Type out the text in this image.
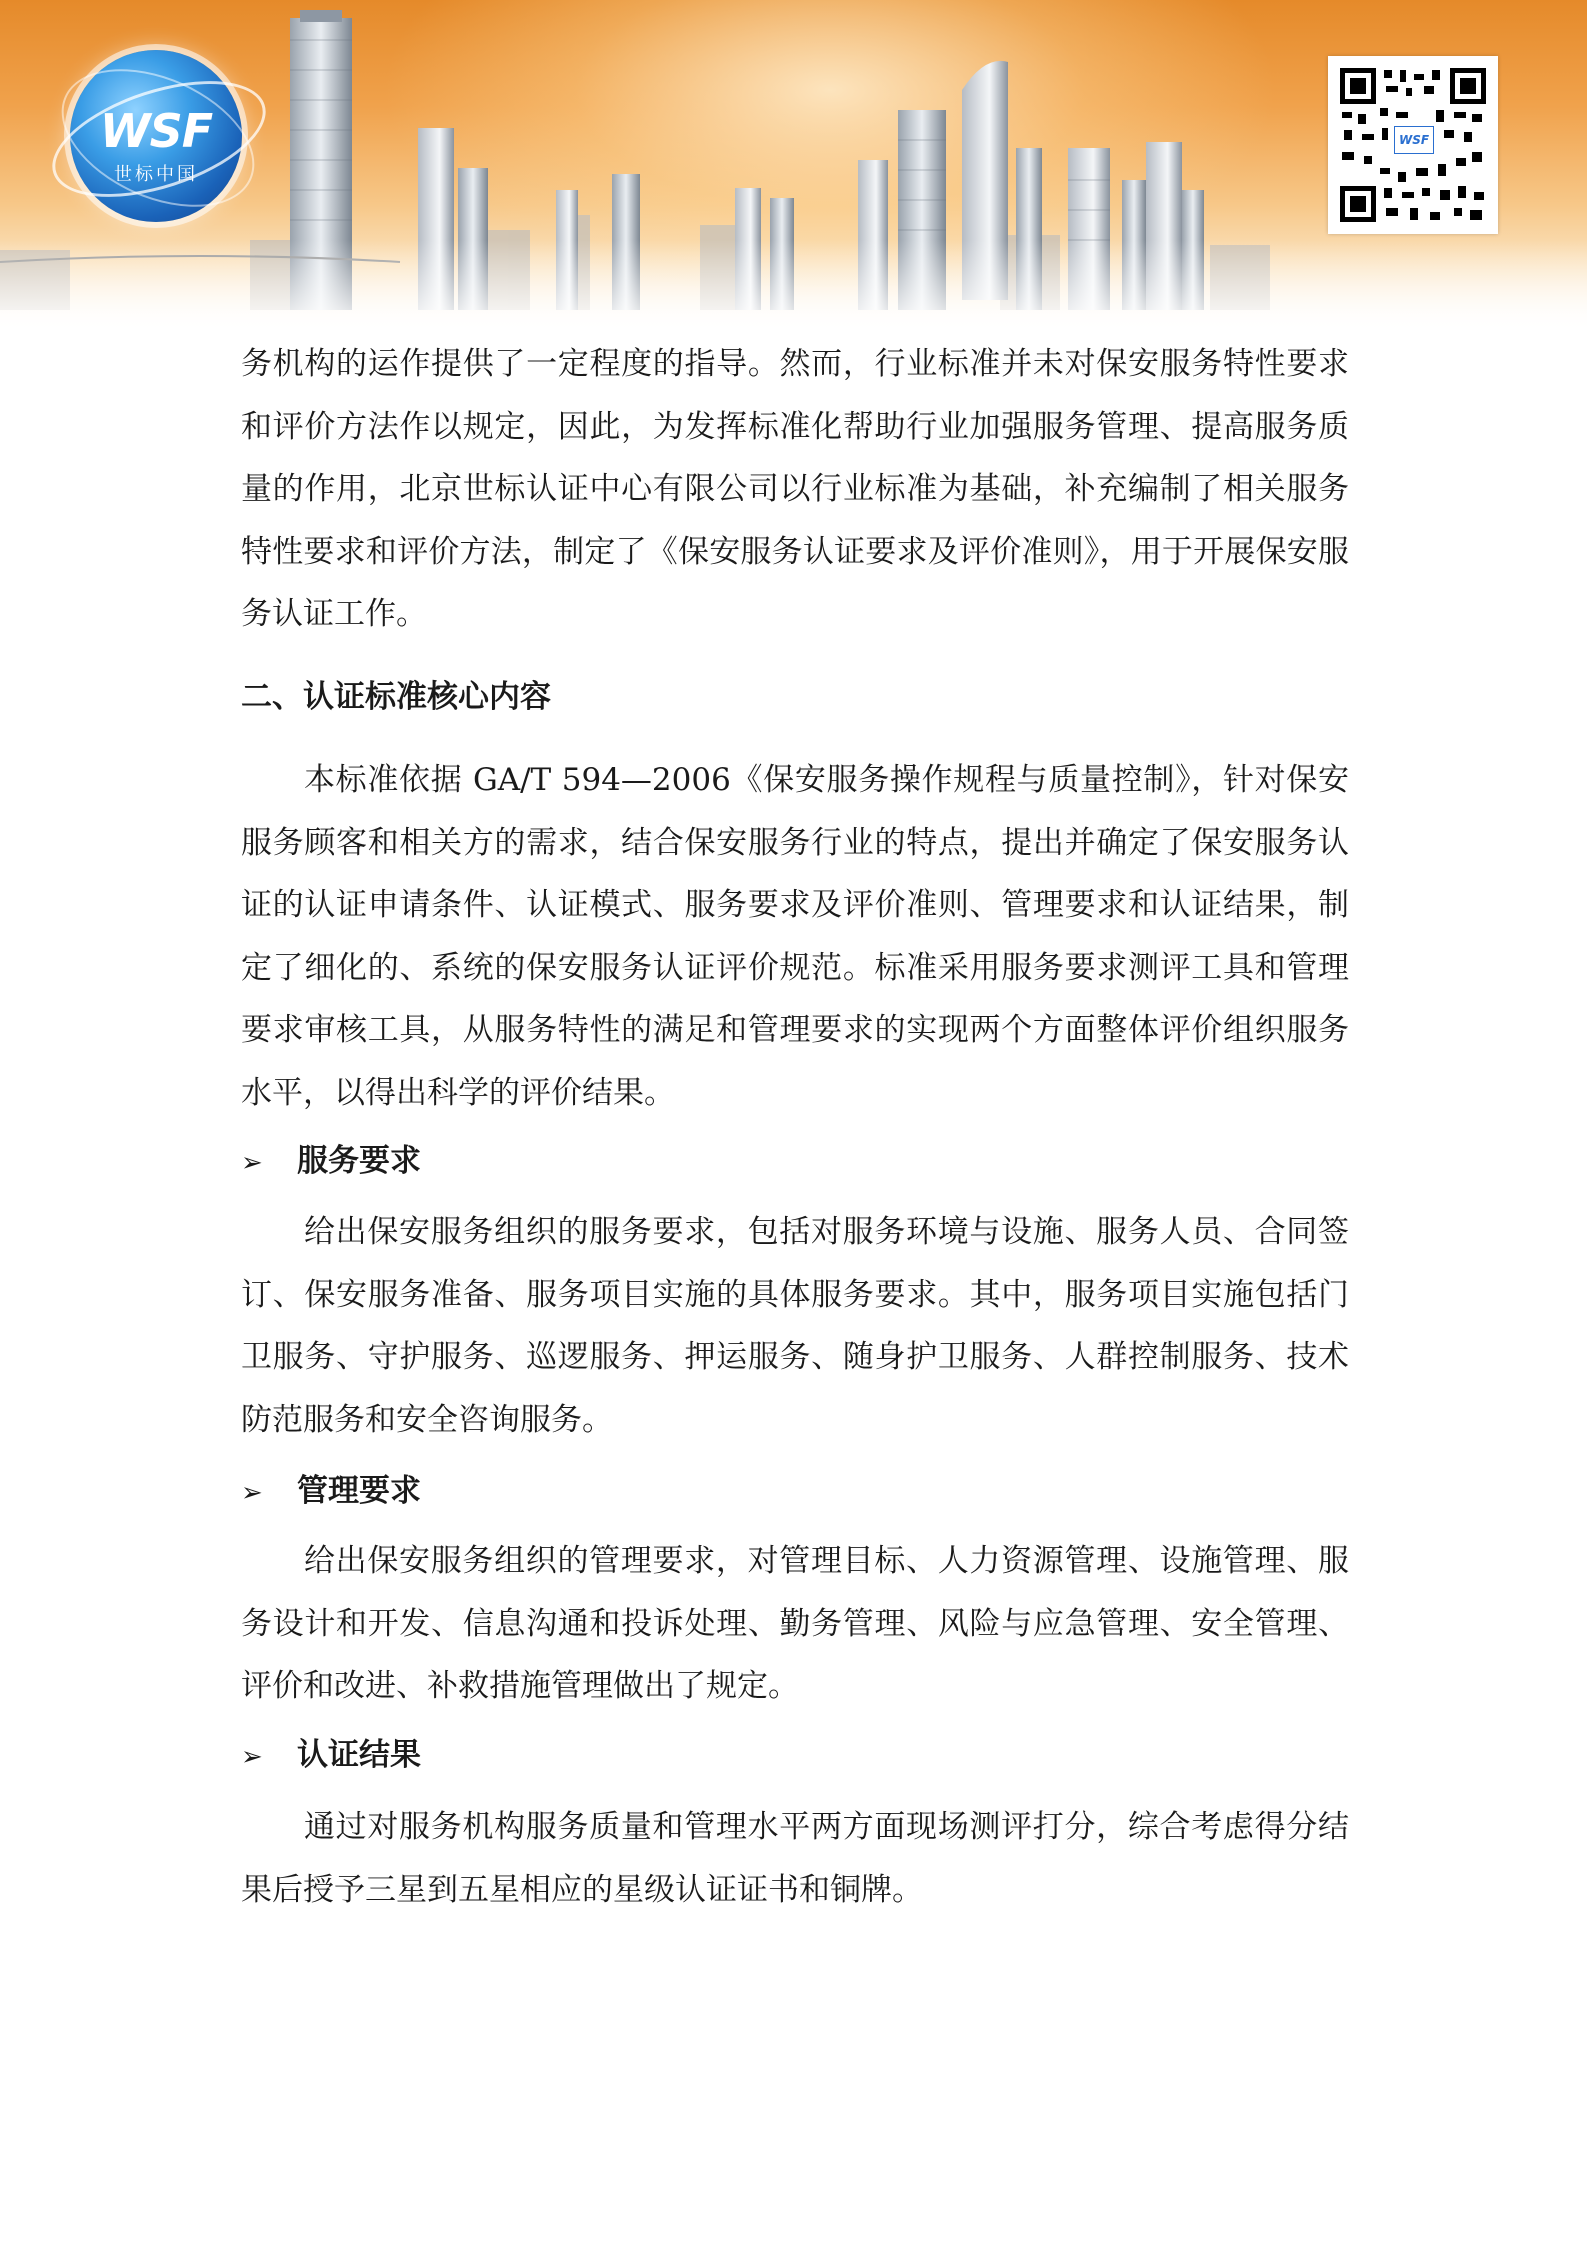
WSF
世标中国
WSF

务机构的运作提供了一定程度的指导。然而，行业标准并未对保安服务特性要求和评价方法作以规定，因此，为发挥标准化帮助行业加强服务管理、提高服务质量的作用，北京世标认证中心有限公司以行业标准为基础，补充编制了相关服务特性要求和评价方法，制定了《保安服务认证要求及评价准则》，用于开展保安服务认证工作。

二、认证标准核心内容

本标准依据 GA/T 594—2006《保安服务操作规程与质量控制》，针对保安服务顾客和相关方的需求，结合保安服务行业的特点，提出并确定了保安服务认证的认证申请条件、认证模式、服务要求及评价准则、管理要求和认证结果，制定了细化的、系统的保安服务认证评价规范。标准采用服务要求测评工具和管理要求审核工具，从服务特性的满足和管理要求的实现两个方面整体评价组织服务水平，以得出科学的评价结果。

➢ 服务要求

给出保安服务组织的服务要求，包括对服务环境与设施、服务人员、合同签订、保安服务准备、服务项目实施的具体服务要求。其中，服务项目实施包括门卫服务、守护服务、巡逻服务、押运服务、随身护卫服务、人群控制服务、技术防范服务和安全咨询服务。

➢ 管理要求

给出保安服务组织的管理要求，对管理目标、人力资源管理、设施管理、服务设计和开发、信息沟通和投诉处理、勤务管理、风险与应急管理、安全管理、评价和改进、补救措施管理做出了规定。

➢ 认证结果

通过对服务机构服务质量和管理水平两方面现场测评打分，综合考虑得分结果后授予三星到五星相应的星级认证证书和铜牌。
